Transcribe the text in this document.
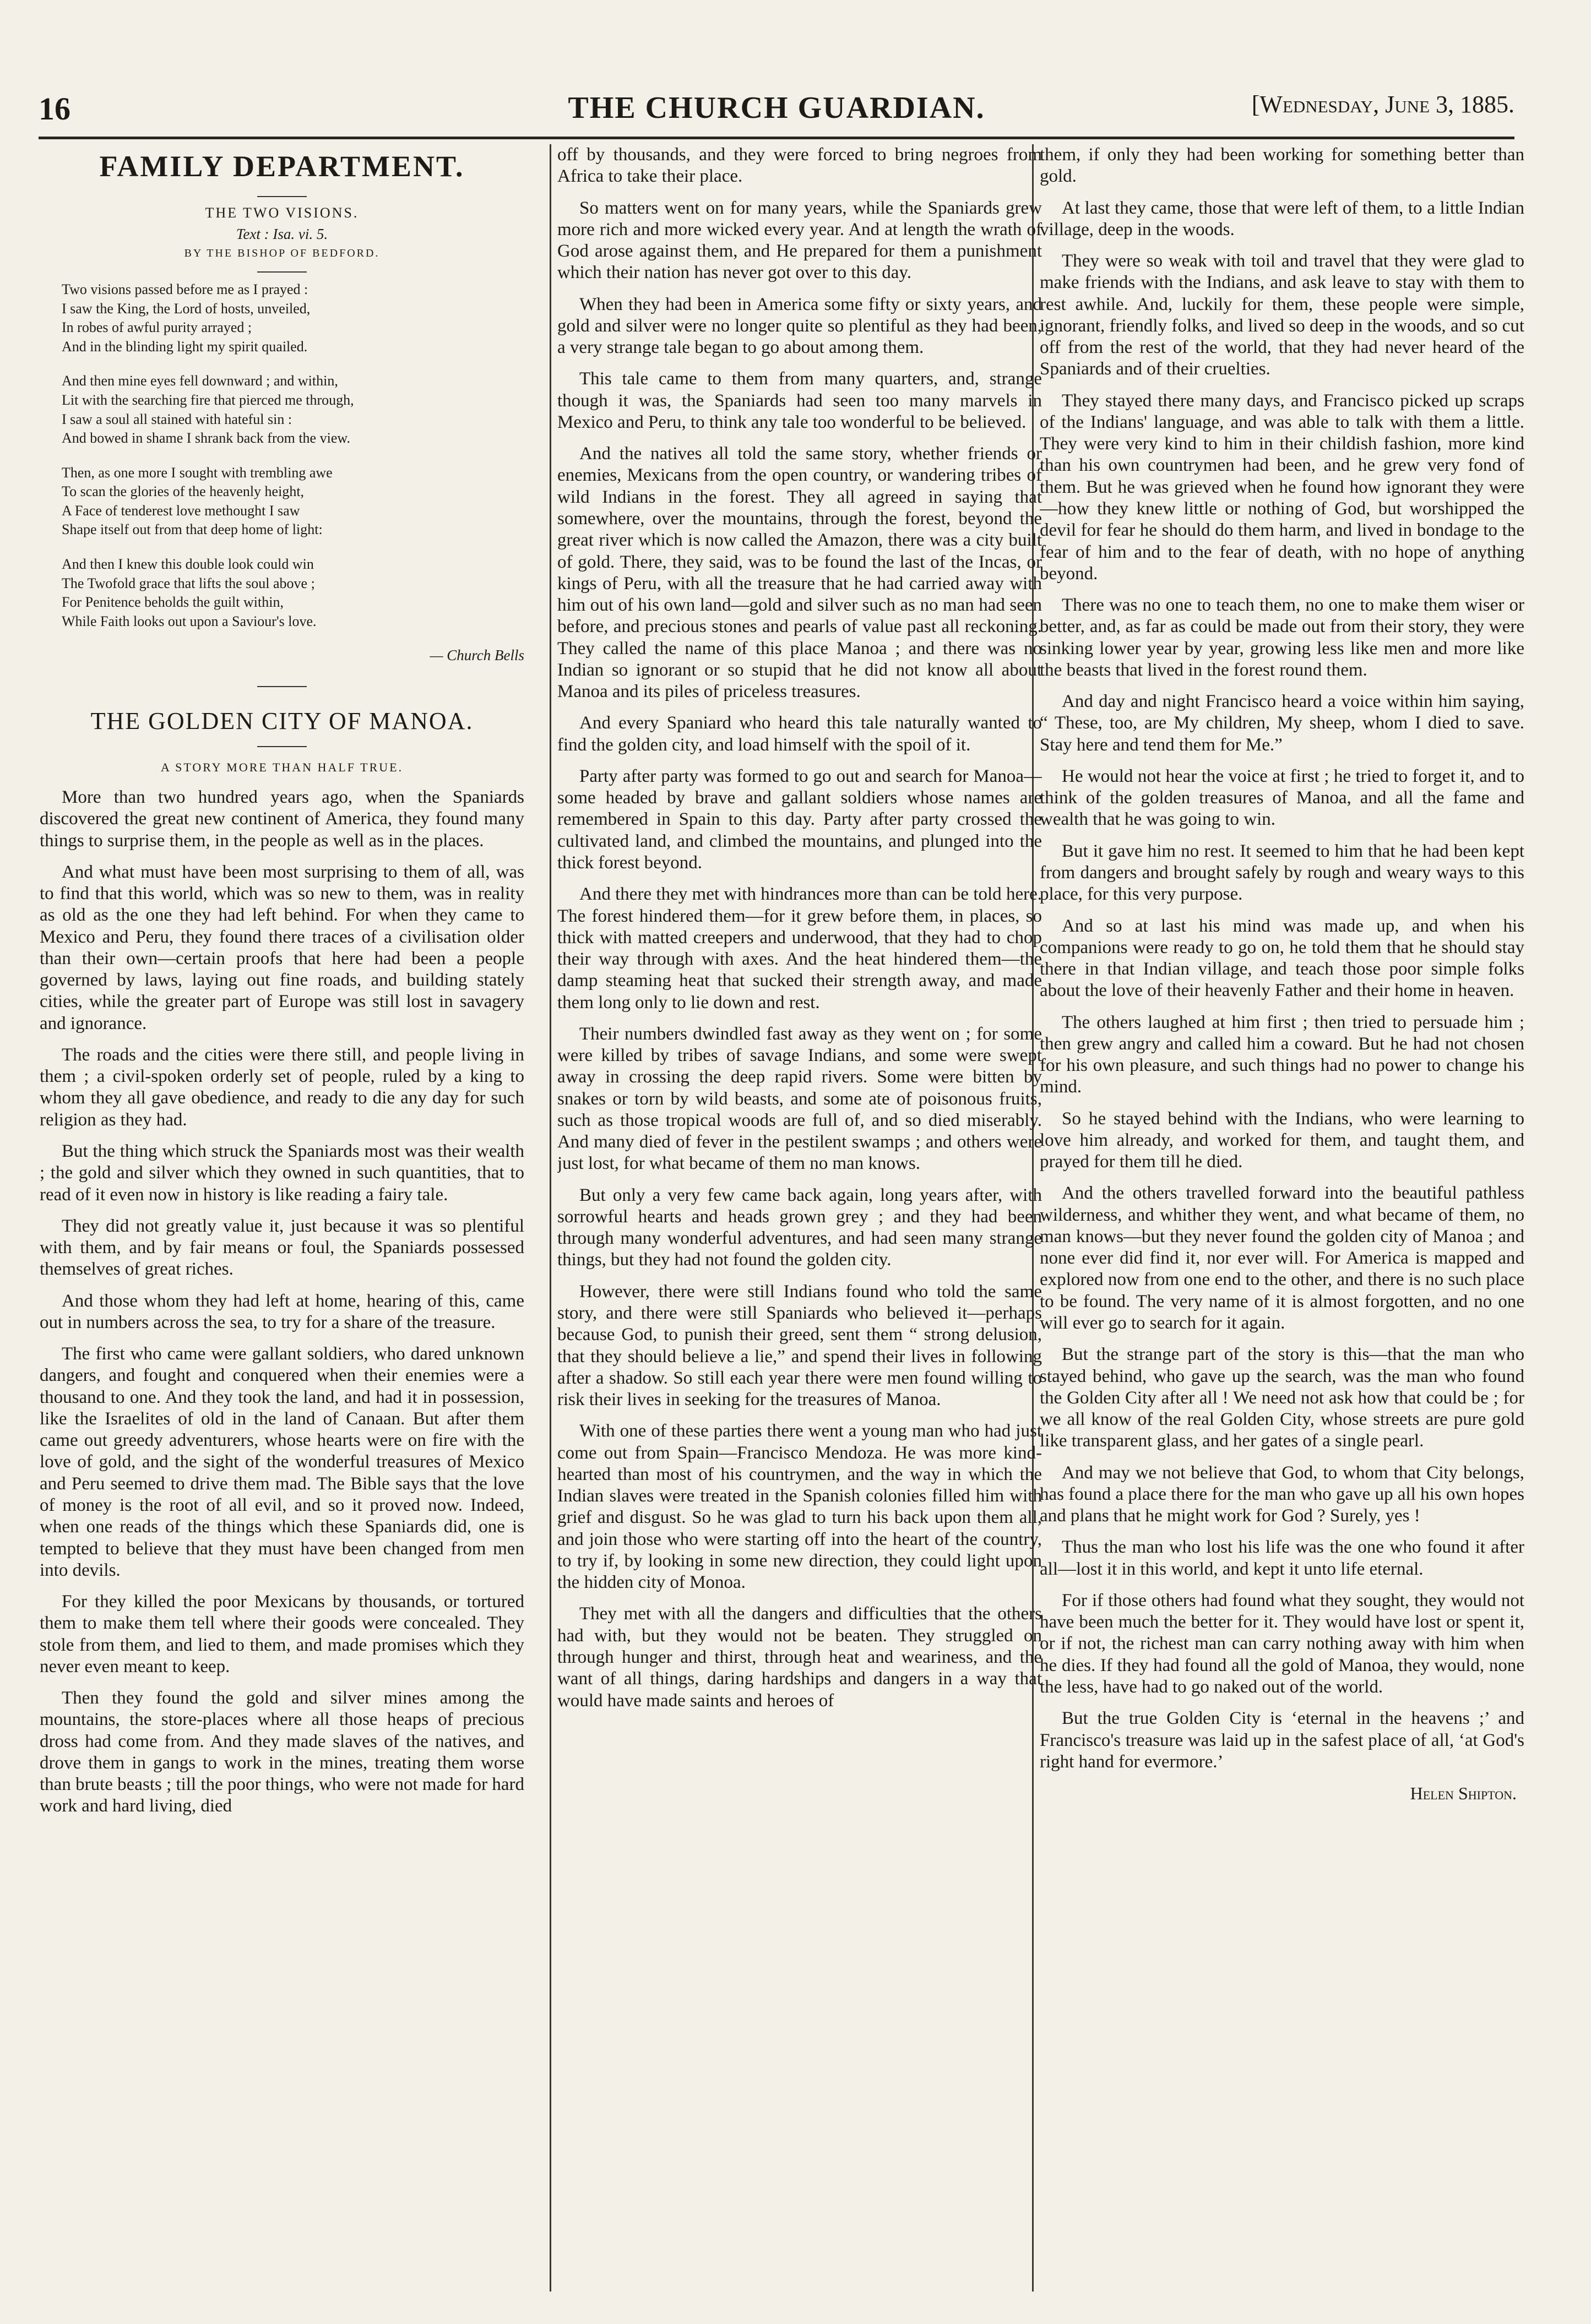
16	THE CHURCH GUARDIAN.	[Wednesday, June 3, 1885.
FAMILY DEPARTMENT.
THE TWO VISIONS.
Text : Isa. vi. 5.
BY THE BISHOP OF BEDFORD.
Two visions passed before me as I prayed :
I saw the King, the Lord of hosts, unveiled,
In robes of awful purity arrayed ;
And in the blinding light my spirit quailed.
And then mine eyes fell downward ; and within,
Lit with the searching fire that pierced me through,
I saw a soul all stained with hateful sin :
And bowed in shame I shrank back from the view.
Then, as one more I sought with trembling awe
To scan the glories of the heavenly height,
A Face of tenderest love methought I saw
Shape itself out from that deep home of light:
And then I knew this double look could win
The Twofold grace that lifts the soul above ;
For Penitence beholds the guilt within,
While Faith looks out upon a Saviour's love.
— Church Bells
THE GOLDEN CITY OF MANOA.
A STORY MORE THAN HALF TRUE.

More than two hundred years ago, when the Spaniards discovered the great new continent of America, they found many things to surprise them, in the people as well as in the places.

And what must have been most surprising to them of all, was to find that this world, which was so new to them, was in reality as old as the one they had left behind. For when they came to Mexico and Peru, they found there traces of a civilisation older than their own—certain proofs that here had been a people governed by laws, laying out fine roads, and building stately cities, while the greater part of Europe was still lost in savagery and ignorance.

The roads and the cities were there still, and people living in them ; a civil-spoken orderly set of people, ruled by a king to whom they all gave obedience, and ready to die any day for such religion as they had.

But the thing which struck the Spaniards most was their wealth ; the gold and silver which they owned in such quantities, that to read of it even now in history is like reading a fairy tale.

They did not greatly value it, just because it was so plentiful with them, and by fair means or foul, the Spaniards possessed themselves of great riches.

And those whom they had left at home, hearing of this, came out in numbers across the sea, to try for a share of the treasure.

The first who came were gallant soldiers, who dared unknown dangers, and fought and conquered when their enemies were a thousand to one. And they took the land, and had it in possession, like the Israelites of old in the land of Canaan. But after them came out greedy adventurers, whose hearts were on fire with the love of gold, and the sight of the wonderful treasures of Mexico and Peru seemed to drive them mad. The Bible says that the love of money is the root of all evil, and so it proved now. Indeed, when one reads of the things which these Spaniards did, one is tempted to believe that they must have been changed from men into devils.

For they killed the poor Mexicans by thousands, or tortured them to make them tell where their goods were concealed. They stole from them, and lied to them, and made promises which they never even meant to keep.

Then they found the gold and silver mines among the mountains, the store-places where all those heaps of precious dross had come from. And they made slaves of the natives, and drove them in gangs to work in the mines, treating them worse than brute beasts ; till the poor things, who were not made for hard work and hard living, died

off by thousands, and they were forced to bring negroes from Africa to take their place.

So matters went on for many years, while the Spaniards grew more rich and more wicked every year. And at length the wrath of God arose against them, and He prepared for them a punishment which their nation has never got over to this day.

When they had been in America some fifty or sixty years, and gold and silver were no longer quite so plentiful as they had been, a very strange tale began to go about among them.

This tale came to them from many quarters, and, strange though it was, the Spaniards had seen too many marvels in Mexico and Peru, to think any tale too wonderful to be believed.

And the natives all told the same story, whether friends or enemies, Mexicans from the open country, or wandering tribes of wild Indians in the forest. They all agreed in saying that somewhere, over the mountains, through the forest, beyond the great river which is now called the Amazon, there was a city built of gold. There, they said, was to be found the last of the Incas, or kings of Peru, with all the treasure that he had carried away with him out of his own land—gold and silver such as no man had seen before, and precious stones and pearls of value past all reckoning. They called the name of this place Manoa ; and there was no Indian so ignorant or so stupid that he did not know all about Manoa and its piles of priceless treasures.

And every Spaniard who heard this tale naturally wanted to find the golden city, and load himself with the spoil of it.

Party after party was formed to go out and search for Manoa—some headed by brave and gallant soldiers whose names are remembered in Spain to this day. Party after party crossed the cultivated land, and climbed the mountains, and plunged into the thick forest beyond.

And there they met with hindrances more than can be told here. The forest hindered them—for it grew before them, in places, so thick with matted creepers and underwood, that they had to chop their way through with axes. And the heat hindered them—the damp steaming heat that sucked their strength away, and made them long only to lie down and rest.

Their numbers dwindled fast away as they went on ; for some were killed by tribes of savage Indians, and some were swept away in crossing the deep rapid rivers. Some were bitten by snakes or torn by wild beasts, and some ate of poisonous fruits, such as those tropical woods are full of, and so died miserably. And many died of fever in the pestilent swamps ; and others were just lost, for what became of them no man knows.

But only a very few came back again, long years after, with sorrowful hearts and heads grown grey ; and they had been through many wonderful adventures, and had seen many strange things, but they had not found the golden city.

However, there were still Indians found who told the same story, and there were still Spaniards who believed it—perhaps because God, to punish their greed, sent them “ strong delusion, that they should believe a lie,” and spend their lives in following after a shadow. So still each year there were men found willing to risk their lives in seeking for the treasures of Manoa.

With one of these parties there went a young man who had just come out from Spain—Francisco Mendoza. He was more kind-hearted than most of his countrymen, and the way in which the Indian slaves were treated in the Spanish colonies filled him with grief and disgust. So he was glad to turn his back upon them all, and join those who were starting off into the heart of the country, to try if, by looking in some new direction, they could light upon the hidden city of Monoa.

They met with all the dangers and difficulties that the others had with, but they would not be beaten. They struggled on through hunger and thirst, through heat and weariness, and the want of all things, daring hardships and dangers in a way that would have made saints and heroes of

them, if only they had been working for something better than gold.

At last they came, those that were left of them, to a little Indian village, deep in the woods.

They were so weak with toil and travel that they were glad to make friends with the Indians, and ask leave to stay with them to rest awhile. And, luckily for them, these people were simple, ignorant, friendly folks, and lived so deep in the woods, and so cut off from the rest of the world, that they had never heard of the Spaniards and of their cruelties.

They stayed there many days, and Francisco picked up scraps of the Indians' language, and was able to talk with them a little. They were very kind to him in their childish fashion, more kind than his own countrymen had been, and he grew very fond of them. But he was grieved when he found how ignorant they were—how they knew little or nothing of God, but worshipped the devil for fear he should do them harm, and lived in bondage to the fear of him and to the fear of death, with no hope of anything beyond.

There was no one to teach them, no one to make them wiser or better, and, as far as could be made out from their story, they were sinking lower year by year, growing less like men and more like the beasts that lived in the forest round them.

And day and night Francisco heard a voice within him saying, “ These, too, are My children, My sheep, whom I died to save. Stay here and tend them for Me.”

He would not hear the voice at first ; he tried to forget it, and to think of the golden treasures of Manoa, and all the fame and wealth that he was going to win.

But it gave him no rest. It seemed to him that he had been kept from dangers and brought safely by rough and weary ways to this place, for this very purpose.

And so at last his mind was made up, and when his companions were ready to go on, he told them that he should stay there in that Indian village, and teach those poor simple folks about the love of their heavenly Father and their home in heaven.

The others laughed at him first ; then tried to persuade him ; then grew angry and called him a coward. But he had not chosen for his own pleasure, and such things had no power to change his mind.

So he stayed behind with the Indians, who were learning to love him already, and worked for them, and taught them, and prayed for them till he died.

And the others travelled forward into the beautiful pathless wilderness, and whither they went, and what became of them, no man knows—but they never found the golden city of Manoa ; and none ever did find it, nor ever will. For America is mapped and explored now from one end to the other, and there is no such place to be found. The very name of it is almost forgotten, and no one will ever go to search for it again.

But the strange part of the story is this—that the man who stayed behind, who gave up the search, was the man who found the Golden City after all ! We need not ask how that could be ; for we all know of the real Golden City, whose streets are pure gold like transparent glass, and her gates of a single pearl.

And may we not believe that God, to whom that City belongs, has found a place there for the man who gave up all his own hopes and plans that he might work for God ? Surely, yes !

Thus the man who lost his life was the one who found it after all—lost it in this world, and kept it unto life eternal.

For if those others had found what they sought, they would not have been much the better for it. They would have lost or spent it, or if not, the richest man can carry nothing away with him when he dies. If they had found all the gold of Manoa, they would, none the less, have had to go naked out of the world.

But the true Golden City is ‘eternal in the heavens ;’ and Francisco's treasure was laid up in the safest place of all, ‘at God's right hand for evermore.’

Helen Shipton.
